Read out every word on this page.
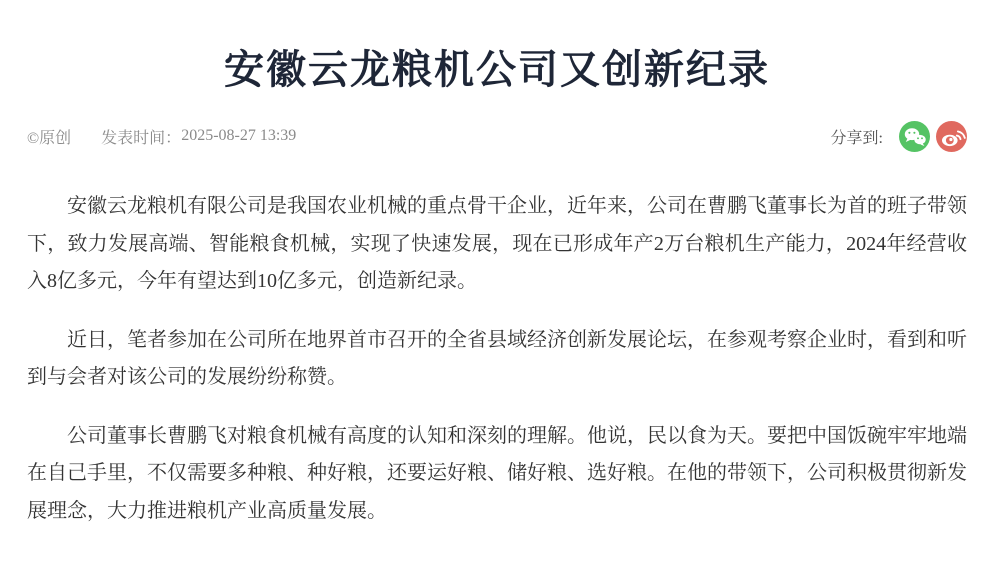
安徽云龙粮机公司又创新纪录
©原创 发表时间： 2025-08-27 13:39	分享到:

安徽云龙粮机有限公司是我国农业机械的重点骨干企业，近年来，公司在曹鹏飞董事长为首的班子带领下，致力发展高端、智能粮食机械，实现了快速发展，现在已形成年产2万台粮机生产能力，2024年经营收入8亿多元，今年有望达到10亿多元，创造新纪录。

近日，笔者参加在公司所在地界首市召开的全省县域经济创新发展论坛，在参观考察企业时，看到和听到与会者对该公司的发展纷纷称赞。

公司董事长曹鹏飞对粮食机械有高度的认知和深刻的理解。他说，民以食为天。要把中国饭碗牢牢地端在自己手里，不仅需要多种粮、种好粮，还要运好粮、储好粮、选好粮。在他的带领下，公司积极贯彻新发展理念，大力推进粮机产业高质量发展。
